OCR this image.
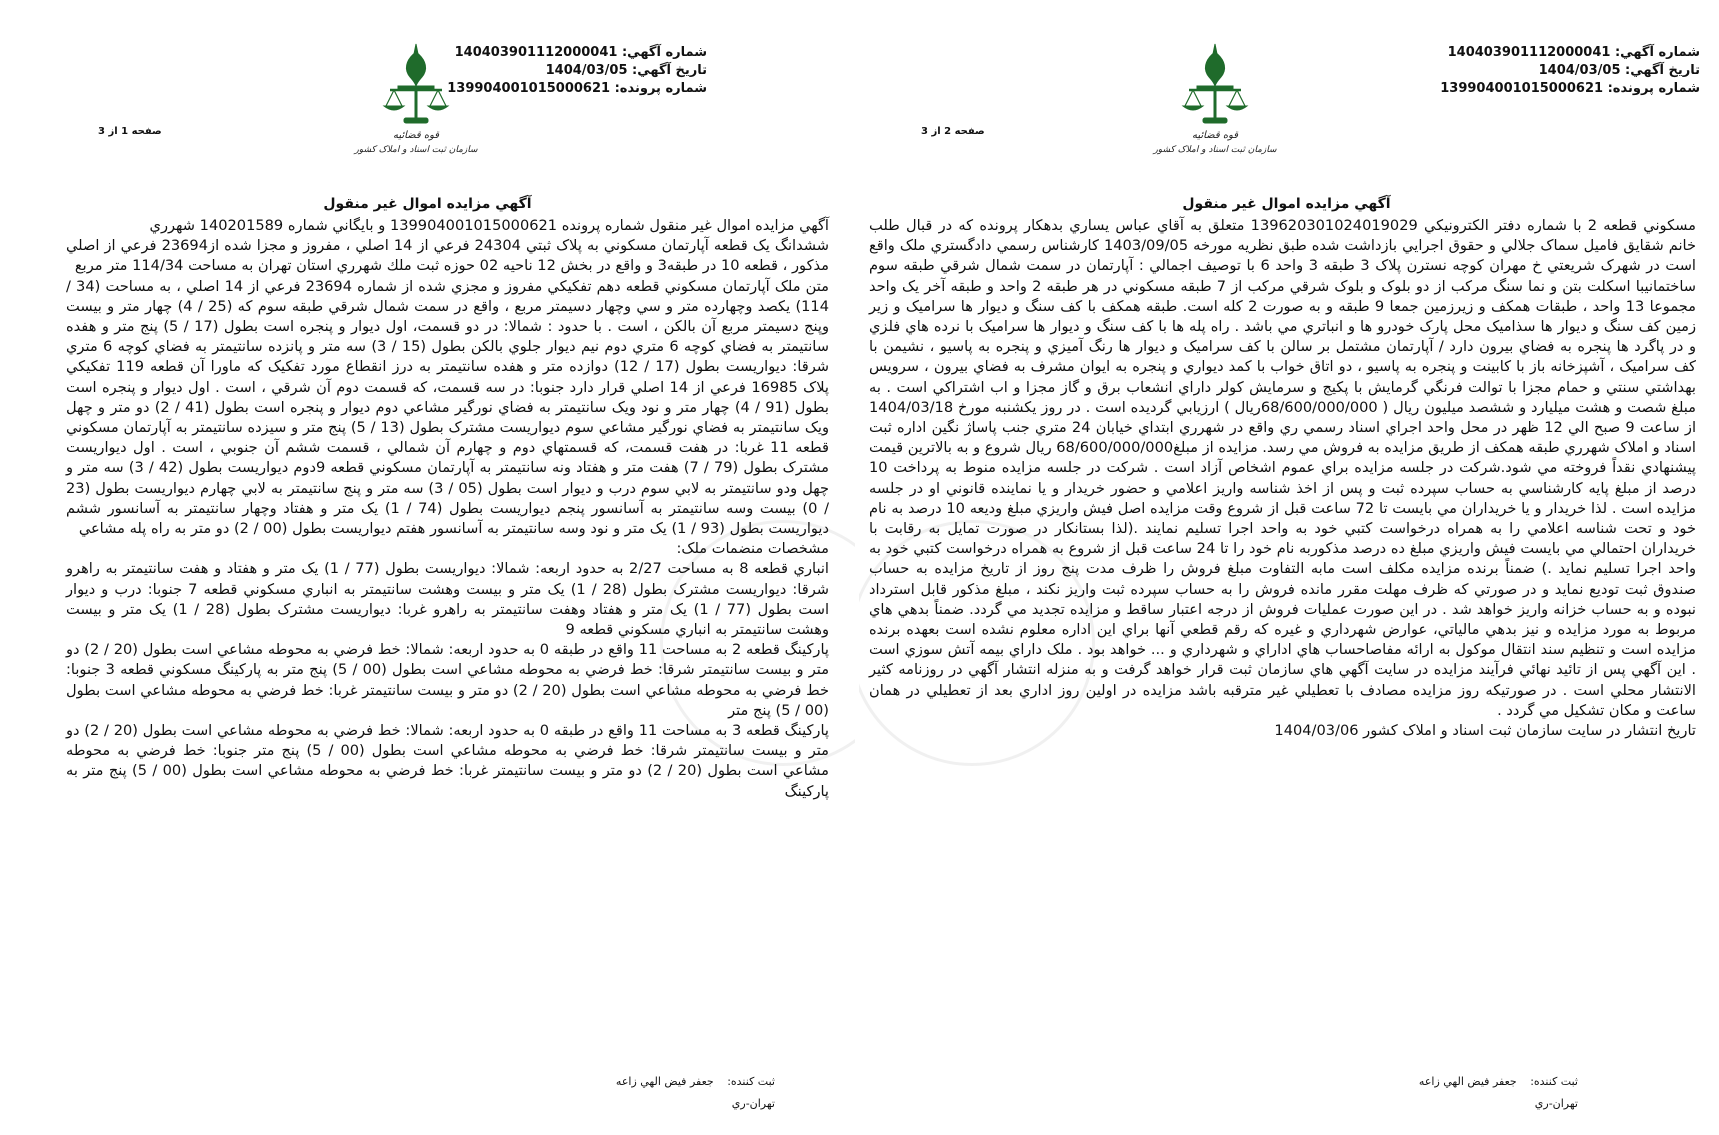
شماره آگهي: 140403901112000041
تاريخ آگهي: 1404/03/05
شماره پرونده: 139904001015000621
قوه قضائيه
سازمان ثبت اسناد و املاک کشور
صفحه 2 از 3
آگهي مزايده اموال غير منقول

مسکوني قطعه 2 با شماره دفتر الکترونيکي 139620301024019029 متعلق به آقاي عباس يساري بدهکار پرونده که در قبال طلب خانم شقايق فاميل سماک جلالي و حقوق اجرايي بازداشت شده طبق نظريه مورخه 1403/09/05 کارشناس رسمي دادگستري ملک واقع است در شهرک شريعتي خ مهران کوچه نسترن پلاک 3 طبقه 3 واحد 6 با توصيف اجمالي : آپارتمان در سمت شمال شرقي طبقه سوم ساختمانيبا اسکلت بتن و نما سنگ مرکب از دو بلوک و بلوک شرقي مرکب از 7 طبقه مسکوني در هر طبقه 2 واحد و طبقه آخر يک واحد مجموعا 13 واحد ، طبقات همکف و زيرزمين جمعا 9 طبقه و به صورت 2 کله است. طبقه همکف با کف سنگ و ديوار ها سراميک و زير زمين کف سنگ و ديوار ها سذاميک محل پارک خودرو ها و انباتري مي باشد . راه پله ها با کف سنگ و ديوار ها سراميک با نرده هاي فلزي و در پاگرد ها پنجره به فضاي بيرون دارد / آپارتمان مشتمل بر سالن با کف سراميک و ديوار ها رنگ آميزي و پنجره به پاسيو ، نشيمن با کف سراميک ، آشپزخانه باز با کابينت و پنجره به پاسيو ، دو اتاق خواب با کمد ديواري و پنجره به ايوان مشرف به فضاي بيرون ، سرويس بهداشتي سنتي و حمام مجزا با توالت فرنگي گرمايش با پکيج و سرمايش کولر داراي انشعاب برق و گاز مجزا و اب اشتراکي است . به مبلغ شصت و هشت ميليارد و ششصد ميليون ريال ( 68/600/000/000ريال ) ارزيابي گرديده است . در روز يکشنبه مورخ 1404/03/18 از ساعت 9 صبح الي 12 ظهر در محل واحد اجراي اسناد رسمي ري واقع در شهرري ابتداي خيابان 24 متري جنب پاساژ نگين اداره ثبت اسناد و املاک شهرري طبقه همکف از طريق مزايده به فروش مي رسد. مزايده از مبلغ68/600/000/000 ريال شروع و به بالاترين قيمت پيشنهادي نقداً فروخته مي شود.شرکت در جلسه مزايده براي عموم اشخاص آزاد است . شرکت در جلسه مزايده منوط به پرداخت 10 درصد از مبلغ پايه کارشناسي به حساب سپرده ثبت و پس از اخذ شناسه واريز اعلامي و حضور خريدار و يا نماينده قانوني او در جلسه مزايده است . لذا خريدار و يا خريداران مي بايست تا 72 ساعت قبل از شروع وقت مزايده اصل فيش واريزي مبلغ وديعه 10 درصد به نام خود و تحت شناسه اعلامي را به همراه درخواست کتبي خود به واحد اجرا تسليم نمايند .(لذا بستانکار در صورت تمايل به رقابت با خريداران احتمالي مي بايست فيش واريزي مبلغ ده درصد مذکوربه نام خود را تا 24 ساعت قبل از شروع به همراه درخواست کتبي خود به واحد اجرا تسليم نمايد .) ضمناً برنده مزايده مکلف است مابه التفاوت مبلغ فروش را ظرف مدت پنج روز از تاريخ مزايده به حساب صندوق ثبت توديع نمايد و در صورتي که ظرف مهلت مقرر مانده فروش را به حساب سپرده ثبت واريز نکند ، مبلغ مذکور قابل استرداد نبوده و به حساب خزانه واريز خواهد شد . در اين صورت عمليات فروش از درجه اعتبار ساقط و مزايده تجديد مي گردد. ضمناً بدهي هاي مربوط به مورد مزايده و نيز بدهي مالياتي، عوارض شهرداري و غيره که رقم قطعي آنها براي اين اداره معلوم نشده است بعهده برنده مزايده است و تنظيم سند انتقال موکول به ارائه مفاصاحساب هاي اداراي و شهرداري و ... خواهد بود . ملک داراي بيمه آتش سوزي است . اين آگهي پس از تائيد نهائي فرآيند مزايده در سايت آگهي هاي سازمان ثبت قرار خواهد گرفت و به منزله انتشار آگهي در روزنامه کثير الانتشار محلي است . در صورتيکه روز مزايده مصادف با تعطيلي غير مترقبه باشد مزايده در اولين روز اداري بعد از تعطيلي در همان ساعت و مکان تشکيل مي گردد .

تاريخ انتشار در سايت سازمان ثبت اسناد و املاک کشور 1404/03/06

ثبت کننده: جعفر فيض الهي زاعه
تهران-ري
شماره آگهي: 140403901112000041
تاريخ آگهي: 1404/03/05
شماره پرونده: 139904001015000621
قوه قضائيه
سازمان ثبت اسناد و املاک کشور
صفحه 1 از 3
آگهي مزايده اموال غير منقول

آگهي مزايده اموال غير منقول شماره پرونده 139904001015000621 و بايگاني شماره 140201589 شهرري

ششدانگ يک قطعه آپارتمان مسکوني به پلاک ثبتي 24304 فرعي از 14 اصلي ، مفروز و مجزا شده از23694 فرعي از اصلي مذکور ، قطعه 10 در طبقه3 و واقع در بخش 12 ناحيه 02 حوزه ثبت ملك شهرري استان تهران به مساحت 114/34 متر مربع

متن ملک آپارتمان مسکوني قطعه دهم تفکيکي مفروز و مجزي شده از شماره 23694 فرعي از 14 اصلي ، به مساحت (34 / 114) يکصد وچهارده متر و سي وچهار دسيمتر مربع ، واقع در سمت شمال شرقي طبقه سوم که (25 / 4) چهار متر و بيست وپنج دسيمتر مربع آن بالکن ، است . با حدود : شمالا: در دو قسمت، اول ديوار و پنجره است بطول (17 / 5) پنج متر و هفده سانتيمتر به فضاي کوچه 6 متري دوم نيم ديوار جلوي بالکن بطول (15 / 3) سه متر و پانزده سانتيمتر به فضاي کوچه 6 متري شرقا: ديواريست بطول (17 / 12) دوازده متر و هفده سانتيمتر به درز انقطاع مورد تفکيک که ماورا آن قطعه 119 تفکيکي پلاک 16985 فرعي از 14 اصلي قرار دارد جنوبا: در سه قسمت، که قسمت دوم آن شرقي ، است . اول ديوار و پنجره است بطول (91 / 4) چهار متر و نود ويک سانتيمتر به فضاي نورگير مشاعي دوم ديوار و پنجره است بطول (41 / 2) دو متر و چهل ويک سانتيمتر به فضاي نورگير مشاعي سوم ديواريست مشترک بطول (13 / 5) پنج متر و سيزده سانتيمتر به آپارتمان مسکوني قطعه 11 غربا: در هفت قسمت، که قسمتهاي دوم و چهارم آن شمالي ، قسمت ششم آن جنوبي ، است . اول ديواريست مشترک بطول (79 / 7) هفت متر و هفتاد ونه سانتيمتر به آپارتمان مسکوني قطعه 9دوم ديواريست بطول (42 / 3) سه متر و چهل ودو سانتيمتر به لابي سوم درب و ديوار است بطول (05 / 3) سه متر و پنج سانتيمتر به لابي چهارم ديواريست بطول (23 / 0) بيست وسه سانتيمتر به آسانسور پنجم ديواريست بطول (74 / 1) يک متر و هفتاد وچهار سانتيمتر به آسانسور ششم ديواريست بطول (93 / 1) يک متر و نود وسه سانتيمتر به آسانسور هفتم ديواريست بطول (00 / 2) دو متر به راه پله مشاعي

مشخصات منضمات ملک:

انباري قطعه 8 به مساحت 2/27 به حدود اربعه: شمالا: ديواريست بطول (77 / 1) يک متر و هفتاد و هفت سانتيمتر به راهرو شرقا: ديواريست مشترک بطول (28 / 1) يک متر و بيست وهشت سانتيمتر به انباري مسکوني قطعه 7 جنوبا: درب و ديوار است بطول (77 / 1) يک متر و هفتاد وهفت سانتيمتر به راهرو غربا: ديواريست مشترک بطول (28 / 1) يک متر و بيست وهشت سانتيمتر به انباري مسکوني قطعه 9

پارکينگ قطعه 2 به مساحت 11 واقع در طبقه 0 به حدود اربعه: شمالا: خط فرضي به محوطه مشاعي است بطول (20 / 2) دو متر و بيست سانتيمتر شرقا: خط فرضي به محوطه مشاعي است بطول (00 / 5) پنج متر به پارکينگ مسکوني قطعه 3 جنوبا: خط فرضي به محوطه مشاعي است بطول (20 / 2) دو متر و بيست سانتيمتر غربا: خط فرضي به محوطه مشاعي است بطول (00 / 5) پنج متر

پارکينگ قطعه 3 به مساحت 11 واقع در طبقه 0 به حدود اربعه: شمالا: خط فرضي به محوطه مشاعي است بطول (20 / 2) دو متر و بيست سانتيمتر شرقا: خط فرضي به محوطه مشاعي است بطول (00 / 5) پنج متر جنوبا: خط فرضي به محوطه مشاعي است بطول (20 / 2) دو متر و بيست سانتيمتر غربا: خط فرضي به محوطه مشاعي است بطول (00 / 5) پنج متر به پارکينگ

ثبت کننده: جعفر فيض الهي زاعه
تهران-ري
